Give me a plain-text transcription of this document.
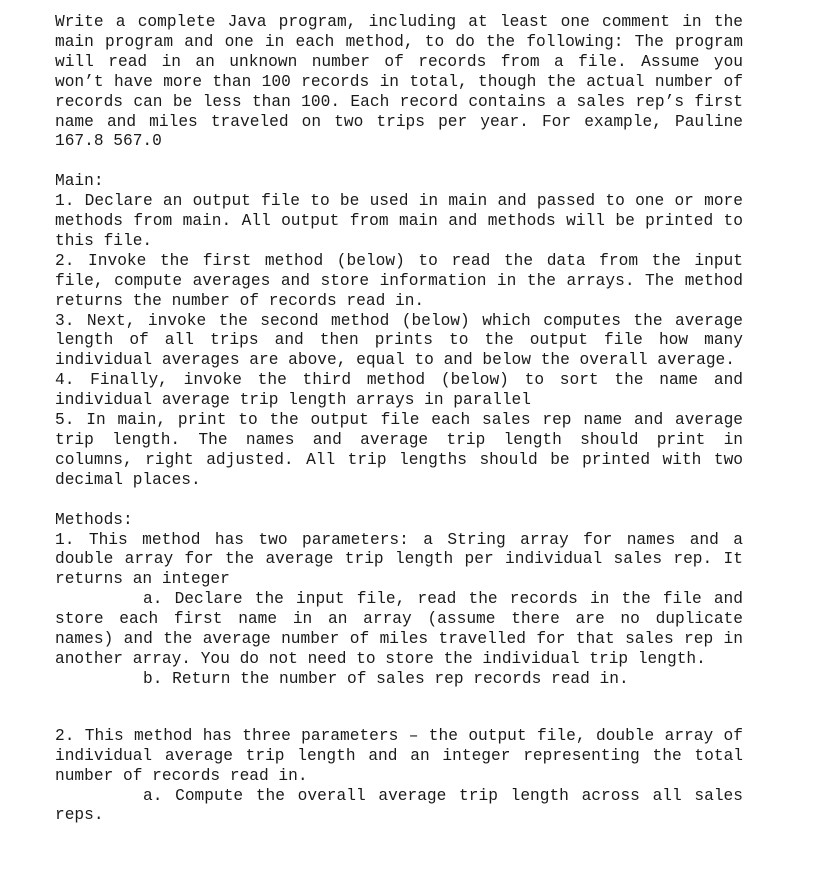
Write a complete Java program, including at least one comment in the main program and one in each method, to do the following: The program will read in an unknown number of records from a file. Assume you won’t have more than 100 records in total, though the actual number of records can be less than 100. Each record contains a sales rep’s first name and miles traveled on two trips per year. For example, Pauline 167.8 567.0

Main:

1. Declare an output file to be used in main and passed to one or more methods from main. All output from main and methods will be printed to this file.

2. Invoke the first method (below) to read the data from the input file, compute averages and store information in the arrays. The method returns the number of records read in.

3. Next, invoke the second method (below) which computes the average length of all trips and then prints to the output file how many individual averages are above, equal to and below the overall average.

4. Finally, invoke the third method (below) to sort the name and individual average trip length arrays in parallel

5. In main, print to the output file each sales rep name and average trip length. The names and average trip length should print in columns, right adjusted. All trip lengths should be printed with two decimal places.

Methods:

1. This method has two parameters: a String array for names and a double array for the average trip length per individual sales rep. It returns an integer

a. Declare the input file, read the records in the file and store each first name in an array (assume there are no duplicate names) and the average number of miles travelled for that sales rep in another array. You do not need to store the individual trip length.

b. Return the number of sales rep records read in.

2. This method has three parameters – the output file, double array of individual average trip length and an integer representing the total number of records read in.

a. Compute the overall average trip length across all sales reps.
